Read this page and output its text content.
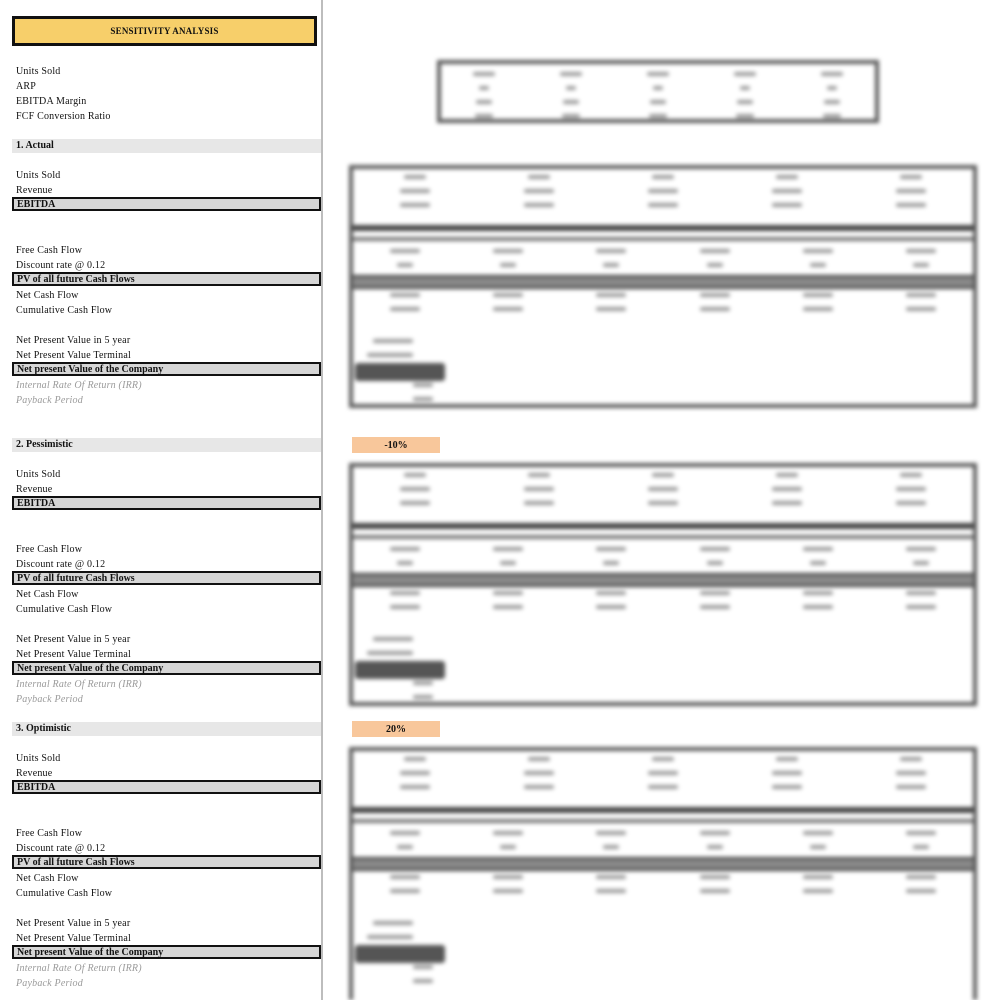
SENSITIVITY ANALYSIS
Units Sold
ARP
EBITDA Margin
FCF Conversion Ratio
1. Actual
Units Sold
Revenue
EBITDA
Free Cash Flow
Discount rate @ 0.12
PV of all future Cash Flows
Net Cash Flow
Cumulative Cash Flow
Net Present Value in 5 year
Net Present Value Terminal
Net present Value of the Company
Internal Rate Of Return (IRR)
Payback Period
2. Pessimistic	-10%
Units Sold
Revenue
EBITDA
Free Cash Flow
Discount rate @ 0.12
PV of all future Cash Flows
Net Cash Flow
Cumulative Cash Flow
Net Present Value in 5 year
Net Present Value Terminal
Net present Value of the Company
Internal Rate Of Return (IRR)
Payback Period
3. Optimistic	20%
Units Sold
Revenue
EBITDA
Free Cash Flow
Discount rate @ 0.12
PV of all future Cash Flows
Net Cash Flow
Cumulative Cash Flow
Net Present Value in 5 year
Net Present Value Terminal
Net present Value of the Company
Internal Rate Of Return (IRR)
Payback Period
